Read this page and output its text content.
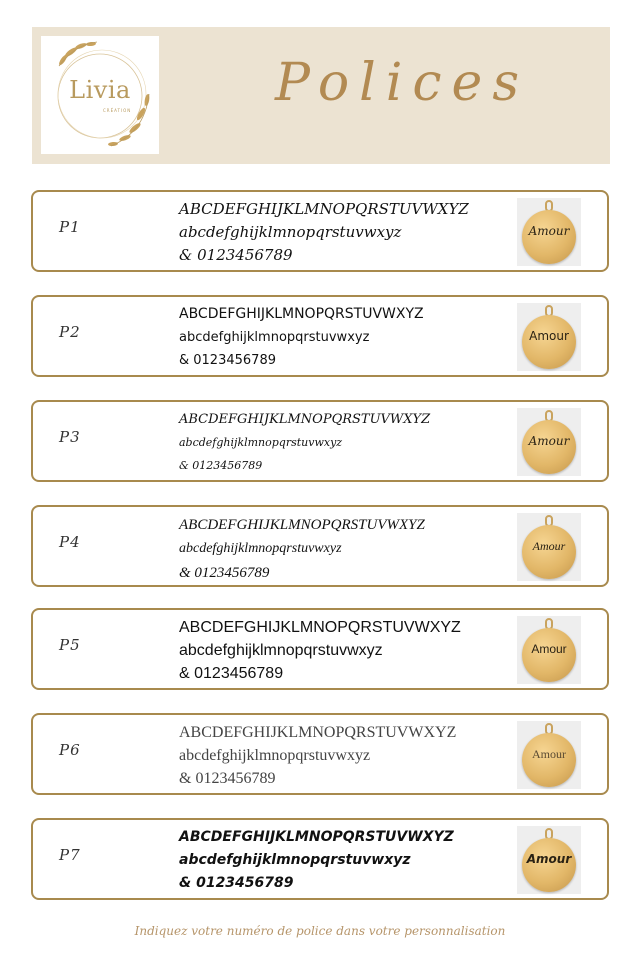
Livia
CRÉATION	Polices
P1
ABCDEFGHIJKLMNOPQRSTUVWXYZ
abcdefghijklmnopqrstuvwxyz
& 0123456789
Amour
P2
ABCDEFGHIJKLMNOPQRSTUVWXYZ
abcdefghijklmnopqrstuvwxyz
& 0123456789
Amour
P3
ABCDEFGHIJKLMNOPQRSTUVWXYZ
abcdefghijklmnopqrstuvwxyz
& 0123456789
Amour
P4
ABCDEFGHIJKLMNOPQRSTUVWXYZ
abcdefghijklmnopqrstuvwxyz
& 0123456789
Amour
P5
ABCDEFGHIJKLMNOPQRSTUVWXYZ
abcdefghijklmnopqrstuvwxyz
& 0123456789
Amour
P6
ABCDEFGHIJKLMNOPQRSTUVWXYZ
abcdefghijklmnopqrstuvwxyz
& 0123456789
Amour
P7
ABCDEFGHIJKLMNOPQRSTUVWXYZ
abcdefghijklmnopqrstuvwxyz
& 0123456789
Amour
Indiquez votre numéro de police dans votre personnalisation
